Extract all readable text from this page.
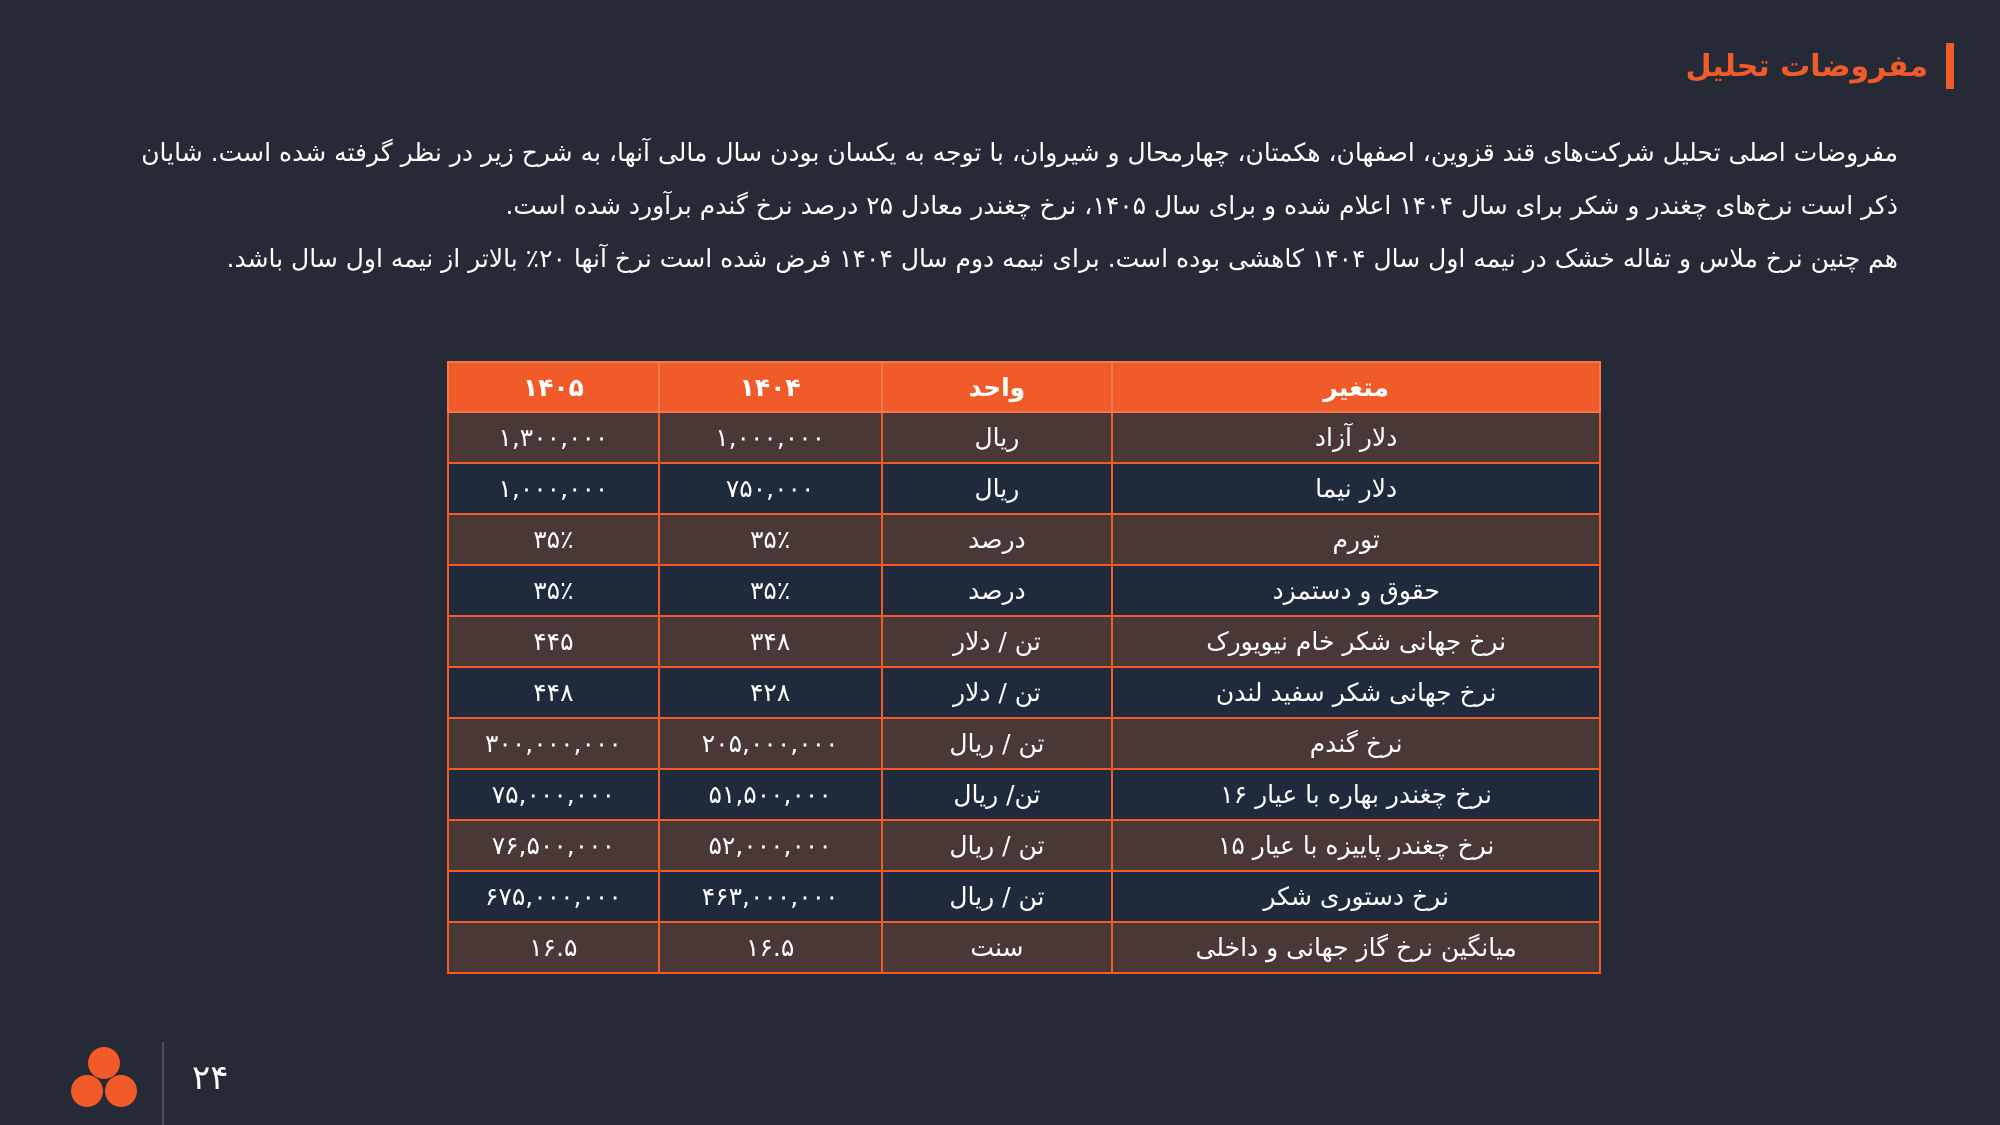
مفروضات تحلیل

مفروضات اصلی تحلیل شرکت‌های قند قزوین، اصفهان، هکمتان، چهارمحال و شیروان، با توجه به یکسان بودن سال مالی آنها، به شرح زیر در نظر گرفته شده است. شایان ذکر است نرخ‌های چغندر و شکر برای سال ۱۴۰۴ اعلام شده و برای سال ۱۴۰۵، نرخ چغندر معادل ۲۵ درصد نرخ گندم برآورد شده است.

هم چنین نرخ ملاس و تفاله خشک در نیمه اول سال ۱۴۰۴ کاهشی بوده است. برای نیمه دوم سال ۱۴۰۴ فرض شده است نرخ آنها ۲۰٪ بالاتر از نیمه اول سال باشد.

متغیر	واحد	۱۴۰۴	۱۴۰۵
دلار آزاد	ریال	۱,۰۰۰,۰۰۰	۱,۳۰۰,۰۰۰
دلار نیما	ریال	۷۵۰,۰۰۰	۱,۰۰۰,۰۰۰
تورم	درصد	۳۵٪	۳۵٪
حقوق و دستمزد	درصد	۳۵٪	۳۵٪
نرخ جهانی شکر خام نیویورک	تن / دلار	۳۴۸	۴۴۵
نرخ جهانی شکر سفید لندن	تن / دلار	۴۲۸	۴۴۸
نرخ گندم	تن / ریال	۲۰۵,۰۰۰,۰۰۰	۳۰۰,۰۰۰,۰۰۰
نرخ چغندر بهاره با عیار ۱۶	تن/ ریال	۵۱,۵۰۰,۰۰۰	۷۵,۰۰۰,۰۰۰
نرخ چغندر پاییزه با عیار ۱۵	تن / ریال	۵۲,۰۰۰,۰۰۰	۷۶,۵۰۰,۰۰۰
نرخ دستوری شکر	تن / ریال	۴۶۳,۰۰۰,۰۰۰	۶۷۵,۰۰۰,۰۰۰
میانگین نرخ گاز جهانی و داخلی	سنت	۱۶.۵	۱۶.۵
۲۴
